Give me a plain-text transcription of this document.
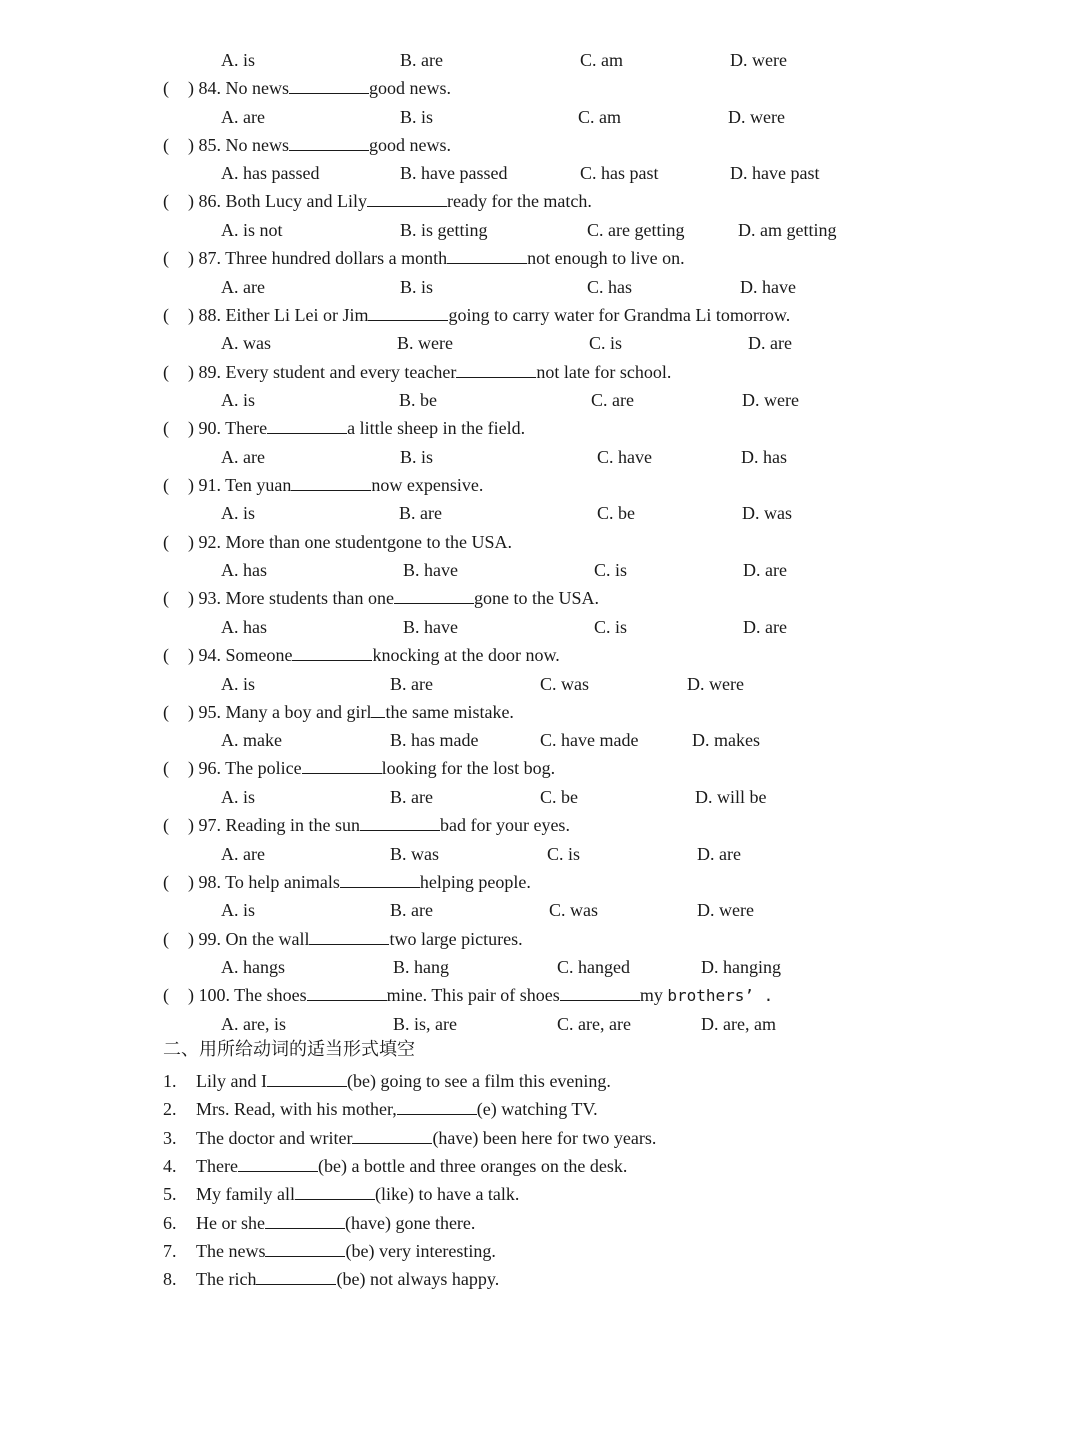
A. is	B. are	C. am	D. were
( ) 84. No news	good news.
A. are	B. is	C. am	D. were
( ) 85. No news	good news.
A. has passed	B. have passed	C. has past	D. have past
( ) 86. Both Lucy and Lily	ready for the match.
A. is not	B. is getting	C. are getting	D. am getting
( ) 87. Three hundred dollars a month	not enough to live on.
A. are	B. is	C. has	D. have
( ) 88. Either Li Lei or Jim	going to carry water for Grandma Li tomorrow.
A. was	B. were	C. is	D. are
( ) 89. Every student and every teacher	not late for school.
A. is	B. be	C. are	D. were
( ) 90. There	a little sheep in the field.
A. are	B. is	C. have	D. has
( ) 91. Ten yuan	now expensive.
A. is	B. are	C. be	D. was
( ) 92. More than one studentgone to the USA.
A. has	B. have	C. is	D. are
( ) 93. More students than one	gone to the USA.
A. has	B. have	C. is	D. are
( ) 94. Someone	knocking at the door now.
A. is	B. are	C. was	D. were
( ) 95. Many a boy and girl the same mistake.
A. make	B. has made	C. have made	D. makes
( ) 96. The police	looking for the lost bog.
A. is	B. are	C. be	D. will be
( ) 97. Reading in the sun	bad for your eyes.
A. are	B. was	C. is	D. are
( ) 98. To help animals	helping people.
A. is	B. are	C. was	D. were
( ) 99. On the wall	two large pictures.
A. hangs	B. hang	C. hanged	D. hanging
( ) 100. The shoes	mine. This pair of shoes	my brothers’ .
A. are, is	B. is, are	C. are, are	D. are, am
二、用所给动词的适当形式填空
1. Lily and I	(be) going to see a film this evening.
2. Mrs. Read, with his mother,	(e) watching TV.
3. The doctor and writer	(have) been here for two years.
4. There	(be) a bottle and three oranges on the desk.
5. My family all	(like) to have a talk.
6. He or she	(have) gone there.
7. The news	(be) very interesting.
8. The rich	(be) not always happy.
